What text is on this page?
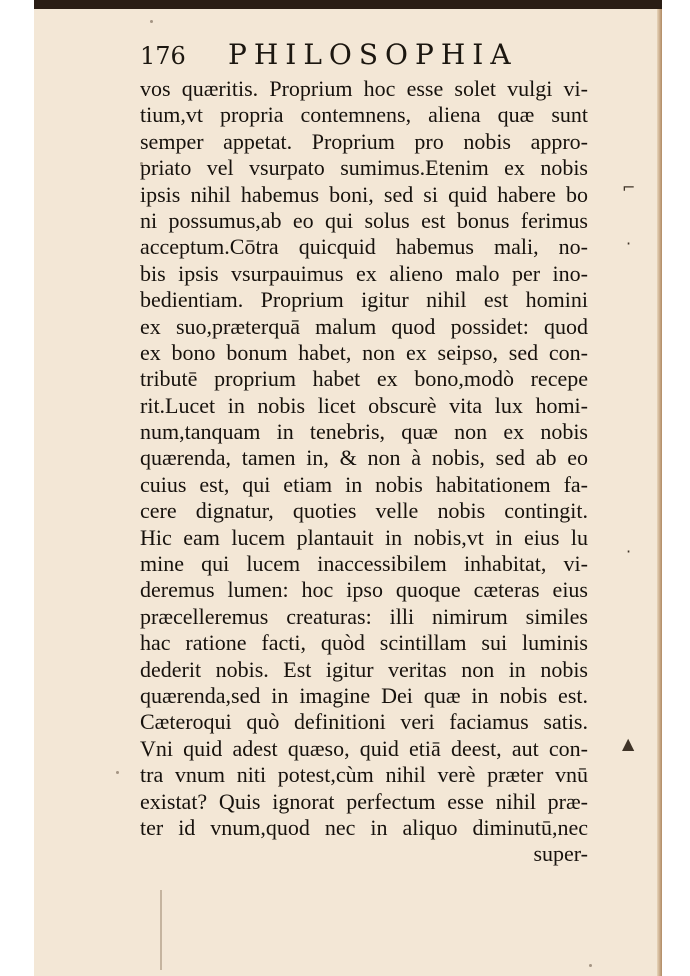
⌐
·
·
▲
176 PHILOSOPHIA
vos quæritis. Proprium hoc esse solet vulgi vi-
tium,vt propria contemnens, aliena quæ sunt
semper appetat. Proprium pro nobis appro-
priato vel vsurpato sumimus.Etenim ex nobis
ipsis nihil habemus boni, sed si quid habere bo
ni possumus,ab eo qui solus est bonus ferimus
acceptum.Cōtra quicquid habemus mali, no-
bis ipsis vsurpauimus ex alieno malo per ino-
bedientiam. Proprium igitur nihil est homini
ex suo,præterquā malum quod possidet: quod
ex bono bonum habet, non ex seipso, sed con-
tributē proprium habet ex bono,modò recepe
rit.Lucet in nobis licet obscurè vita lux homi-
num,tanquam in tenebris, quæ non ex nobis
quærenda, tamen in, & non à nobis, sed ab eo
cuius est, qui etiam in nobis habitationem fa-
cere dignatur, quoties velle nobis contingit.
Hic eam lucem plantauit in nobis,vt in eius lu
mine qui lucem inaccessibilem inhabitat, vi-
deremus lumen: hoc ipso quoque cæteras eius
præcelleremus creaturas: illi nimirum similes
hac ratione facti, quòd scintillam sui luminis
dederit nobis. Est igitur veritas non in nobis
quærenda,sed in imagine Dei quæ in nobis est.
Cæteroqui quò definitioni veri faciamus satis.
Vni quid adest quæso, quid etiā deest, aut con-
tra vnum niti potest,cùm nihil verè præter vnū
existat? Quis ignorat perfectum esse nihil præ-
ter id vnum,quod nec in aliquo diminutū,nec
super-
